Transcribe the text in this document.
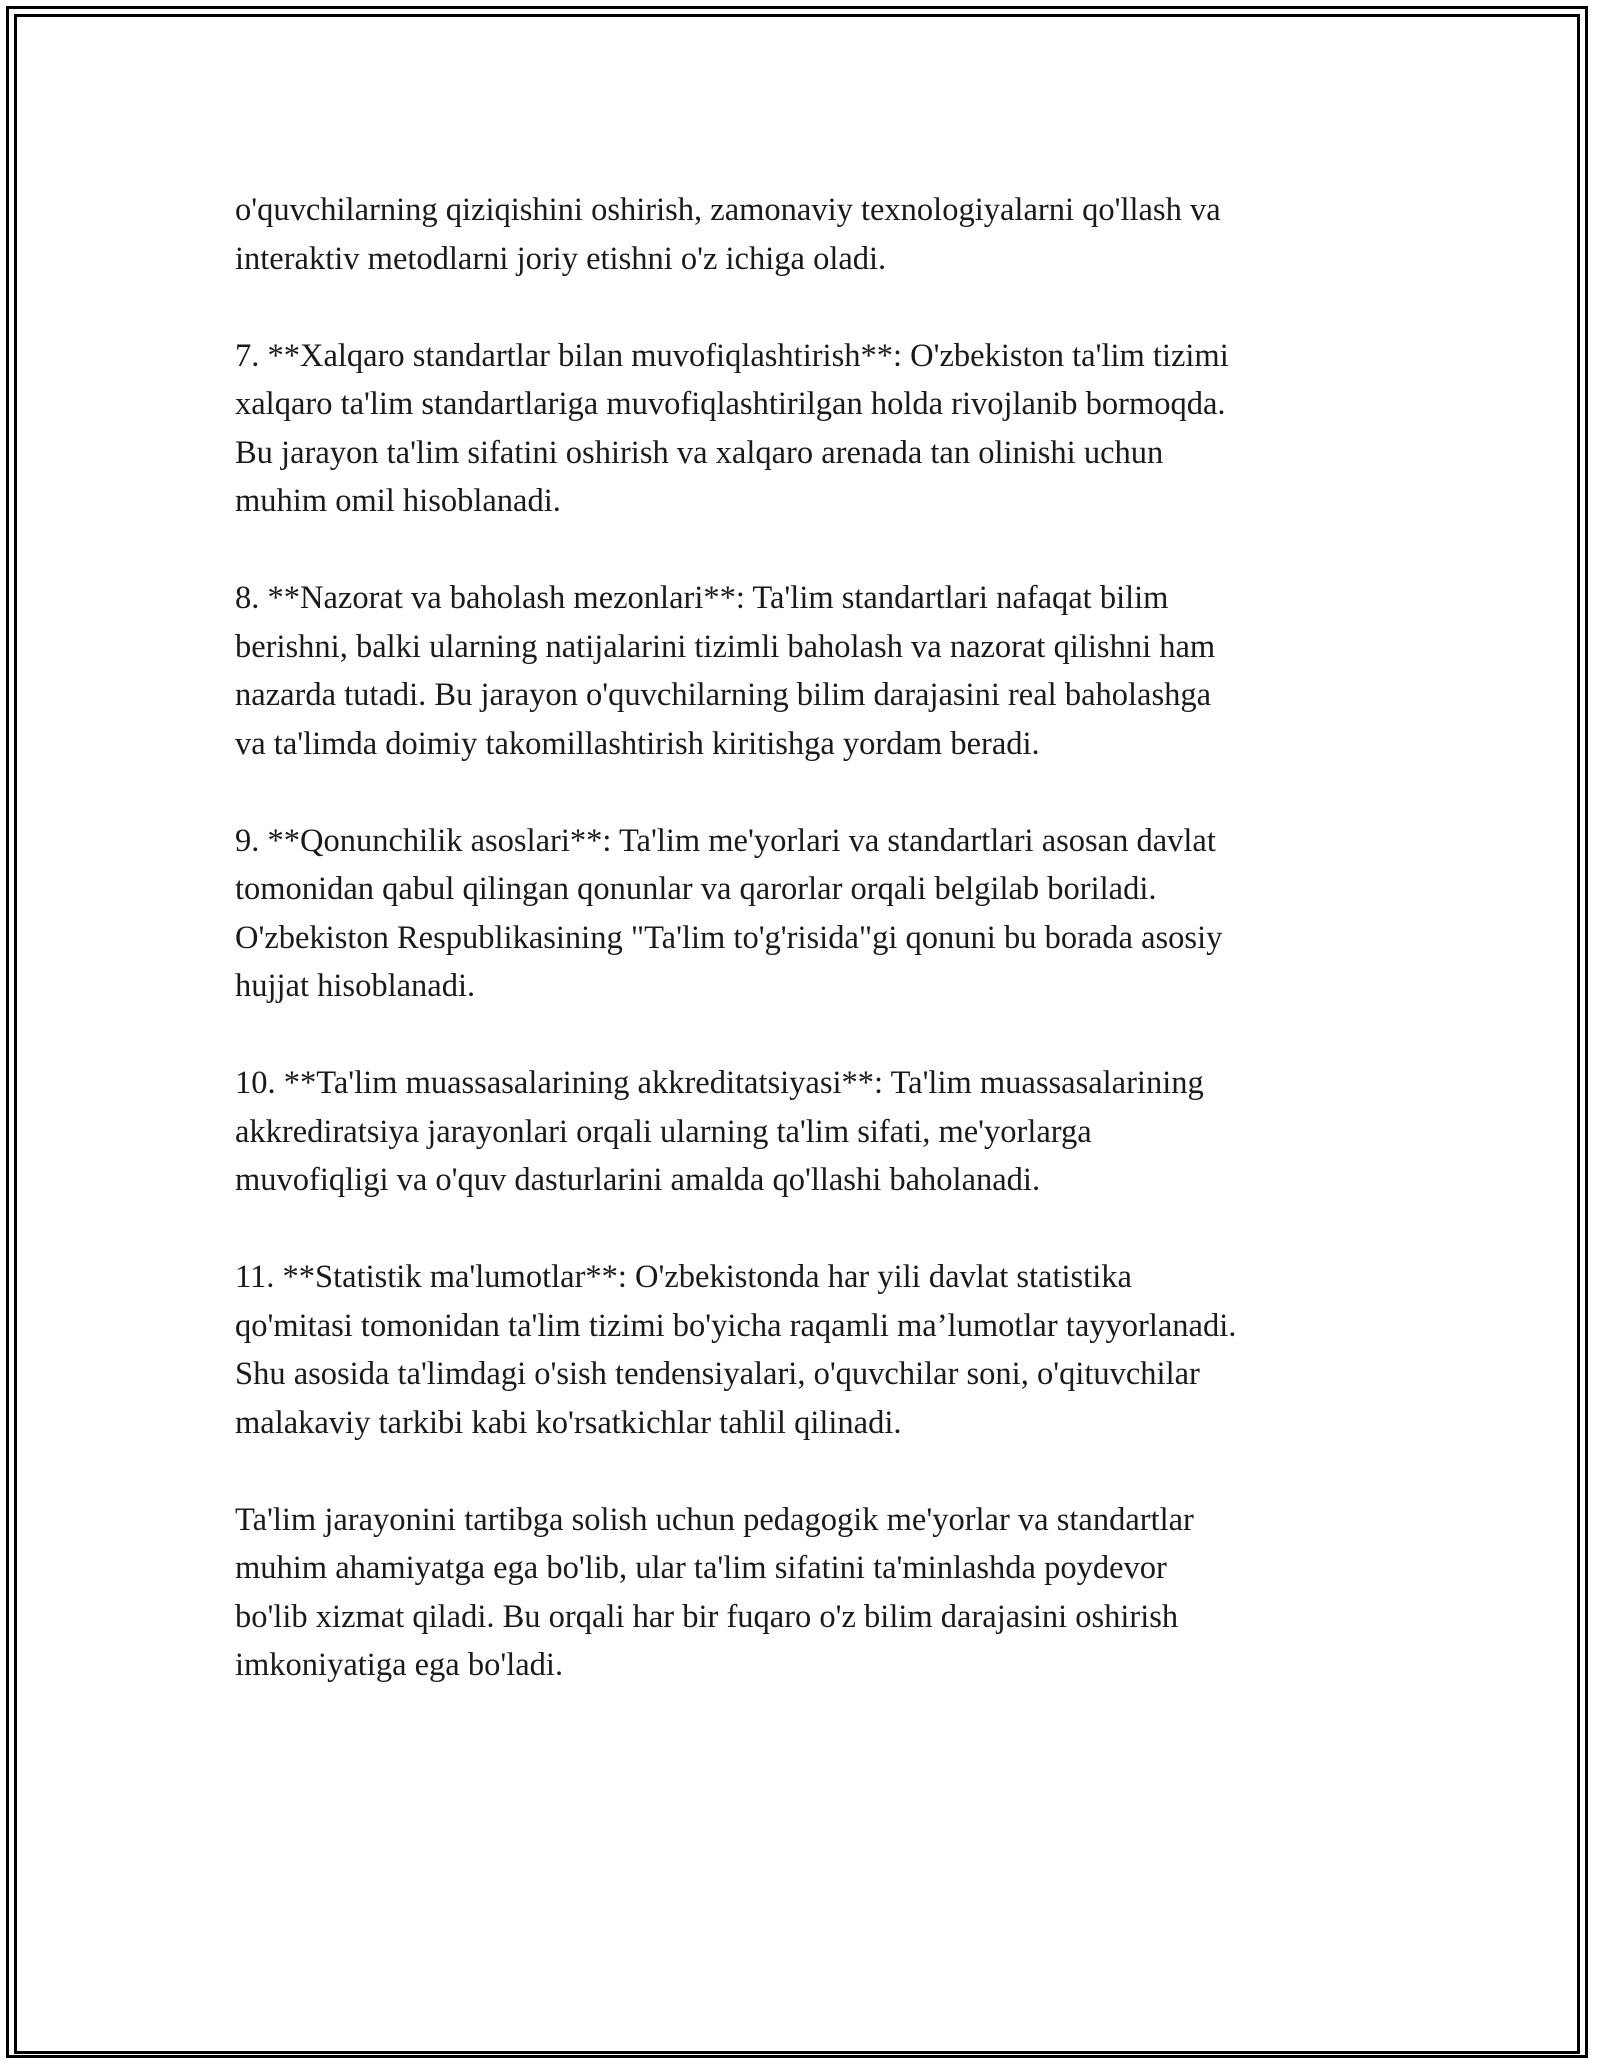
o'quvchilarning qiziqishini oshirish, zamonaviy texnologiyalarni qo'llash va
interaktiv metodlarni joriy etishni o'z ichiga oladi.

7. **Xalqaro standartlar bilan muvofiqlashtirish**: O'zbekiston ta'lim tizimi
xalqaro ta'lim standartlariga muvofiqlashtirilgan holda rivojlanib bormoqda.
Bu jarayon ta'lim sifatini oshirish va xalqaro arenada tan olinishi uchun
muhim omil hisoblanadi.

8. **Nazorat va baholash mezonlari**: Ta'lim standartlari nafaqat bilim
berishni, balki ularning natijalarini tizimli baholash va nazorat qilishni ham
nazarda tutadi. Bu jarayon o'quvchilarning bilim darajasini real baholashga
va ta'limda doimiy takomillashtirish kiritishga yordam beradi.

9. **Qonunchilik asoslari**: Ta'lim me'yorlari va standartlari asosan davlat
tomonidan qabul qilingan qonunlar va qarorlar orqali belgilab boriladi.
O'zbekiston Respublikasining "Ta'lim to'g'risida"gi qonuni bu borada asosiy
hujjat hisoblanadi.

10. **Ta'lim muassasalarining akkreditatsiyasi**: Ta'lim muassasalarining
akkrediratsiya jarayonlari orqali ularning ta'lim sifati, me'yorlarga
muvofiqligi va o'quv dasturlarini amalda qo'llashi baholanadi.

11. **Statistik ma'lumotlar**: O'zbekistonda har yili davlat statistika
qo'mitasi tomonidan ta'lim tizimi bo'yicha raqamli ma’lumotlar tayyorlanadi.
Shu asosida ta'limdagi o'sish tendensiyalari, o'quvchilar soni, o'qituvchilar
malakaviy tarkibi kabi ko'rsatkichlar tahlil qilinadi.

Ta'lim jarayonini tartibga solish uchun pedagogik me'yorlar va standartlar
muhim ahamiyatga ega bo'lib, ular ta'lim sifatini ta'minlashda poydevor
bo'lib xizmat qiladi. Bu orqali har bir fuqaro o'z bilim darajasini oshirish
imkoniyatiga ega bo'ladi.
